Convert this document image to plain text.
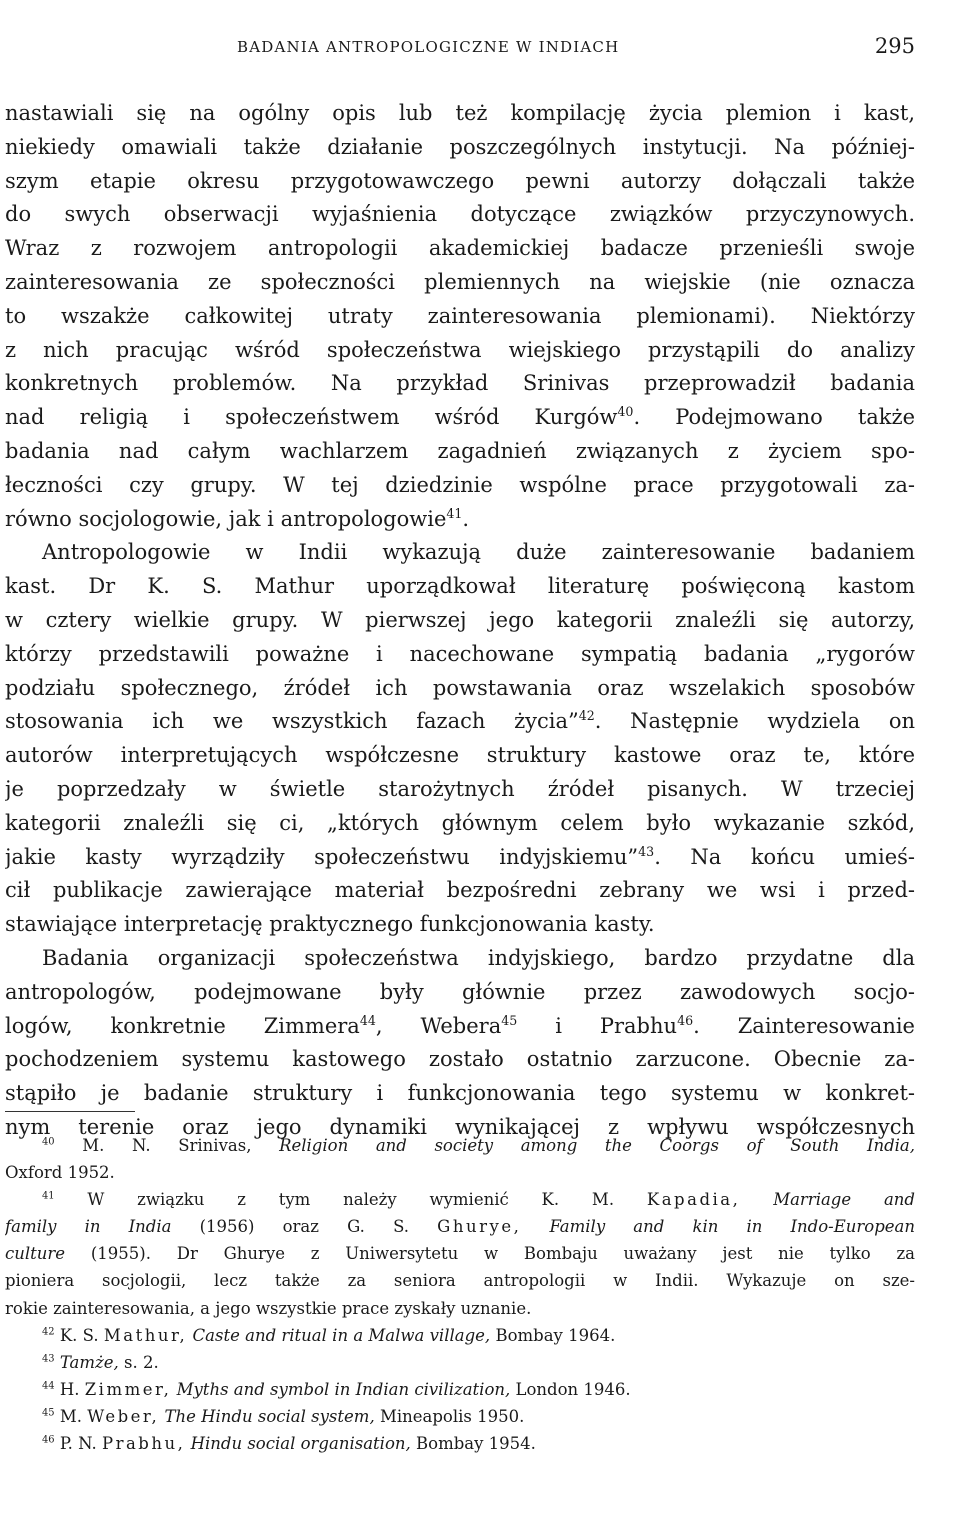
BADANIA ANTROPOLOGICZNE W INDIACH	295
nastawiali się na ogólny opis lub też kompilację życia plemion i kast,
niekiedy omawiali także działanie poszczególnych instytucji. Na później-
szym etapie okresu przygotowawczego pewni autorzy dołączali także
do swych obserwacji wyjaśnienia dotyczące związków przyczynowych.
Wraz z rozwojem antropologii akademickiej badacze przenieśli swoje
zainteresowania ze społeczności plemiennych na wiejskie (nie oznacza
to wszakże całkowitej utraty zainteresowania plemionami). Niektórzy
z nich pracując wśród społeczeństwa wiejskiego przystąpili do analizy
konkretnych problemów. Na przykład Srinivas przeprowadził badania
nad religią i społeczeństwem wśród Kurgów$^{40}$. Podejmowano także
badania nad całym wachlarzem zagadnień związanych z życiem spo-
łeczności czy grupy. W tej dziedzinie wspólne prace przygotowali za-
równo socjologowie, jak i antropologowie$^{41}$.
Antropologowie w Indii wykazują duże zainteresowanie badaniem
kast. Dr K. S. Mathur uporządkował literaturę poświęconą kastom
w cztery wielkie grupy. W pierwszej jego kategorii znaleźli się autorzy,
którzy przedstawili poważne i nacechowane sympatią badania „rygorów
podziału społecznego, źródeł ich powstawania oraz wszelakich sposobów
stosowania ich we wszystkich fazach życia”$^{42}$. Następnie wydziela on
autorów interpretujących współczesne struktury kastowe oraz te, które
je poprzedzały w świetle starożytnych źródeł pisanych. W trzeciej
kategorii znaleźli się ci, „których głównym celem było wykazanie szkód,
jakie kasty wyrządziły społeczeństwu indyjskiemu”$^{43}$. Na końcu umieś-
cił publikacje zawierające materiał bezpośredni zebrany we wsi i przed-
stawiające interpretację praktycznego funkcjonowania kasty.
Badania organizacji społeczeństwa indyjskiego, bardzo przydatne dla
antropologów, podejmowane były głównie przez zawodowych socjo-
logów, konkretnie Zimmera$^{44}$, Webera$^{45}$ i Prabhu$^{46}$. Zainteresowanie
pochodzeniem systemu kastowego zostało ostatnio zarzucone. Obecnie za-
stąpiło je badanie struktury i funkcjonowania tego systemu w konkret-
nym terenie oraz jego dynamiki wynikającej z wpływu współczesnych
$^{40}$ M. N. Srinivas, Religion and society among the Coorgs of South India,
Oxford 1952.
$^{41}$ W związku z tym należy wymienić K. M. Kapadia, Marriage and
family in India (1956) oraz G. S. Ghurye, Family and kin in Indo-European
culture (1955). Dr Ghurye z Uniwersytetu w Bombaju uważany jest nie tylko za
pioniera socjologii, lecz także za seniora antropologii w Indii. Wykazuje on sze-
rokie zainteresowania, a jego wszystkie prace zyskały uznanie.
$^{42}$ K. S. Mathur, Caste and ritual in a Malwa village, Bombay 1964.
$^{43}$ Tamże, s. 2.
$^{44}$ H. Zimmer, Myths and symbol in Indian civilization, London 1946.
$^{45}$ M. Weber, The Hindu social system, Mineapolis 1950.
$^{46}$ P. N. Prabhu, Hindu social organisation, Bombay 1954.
